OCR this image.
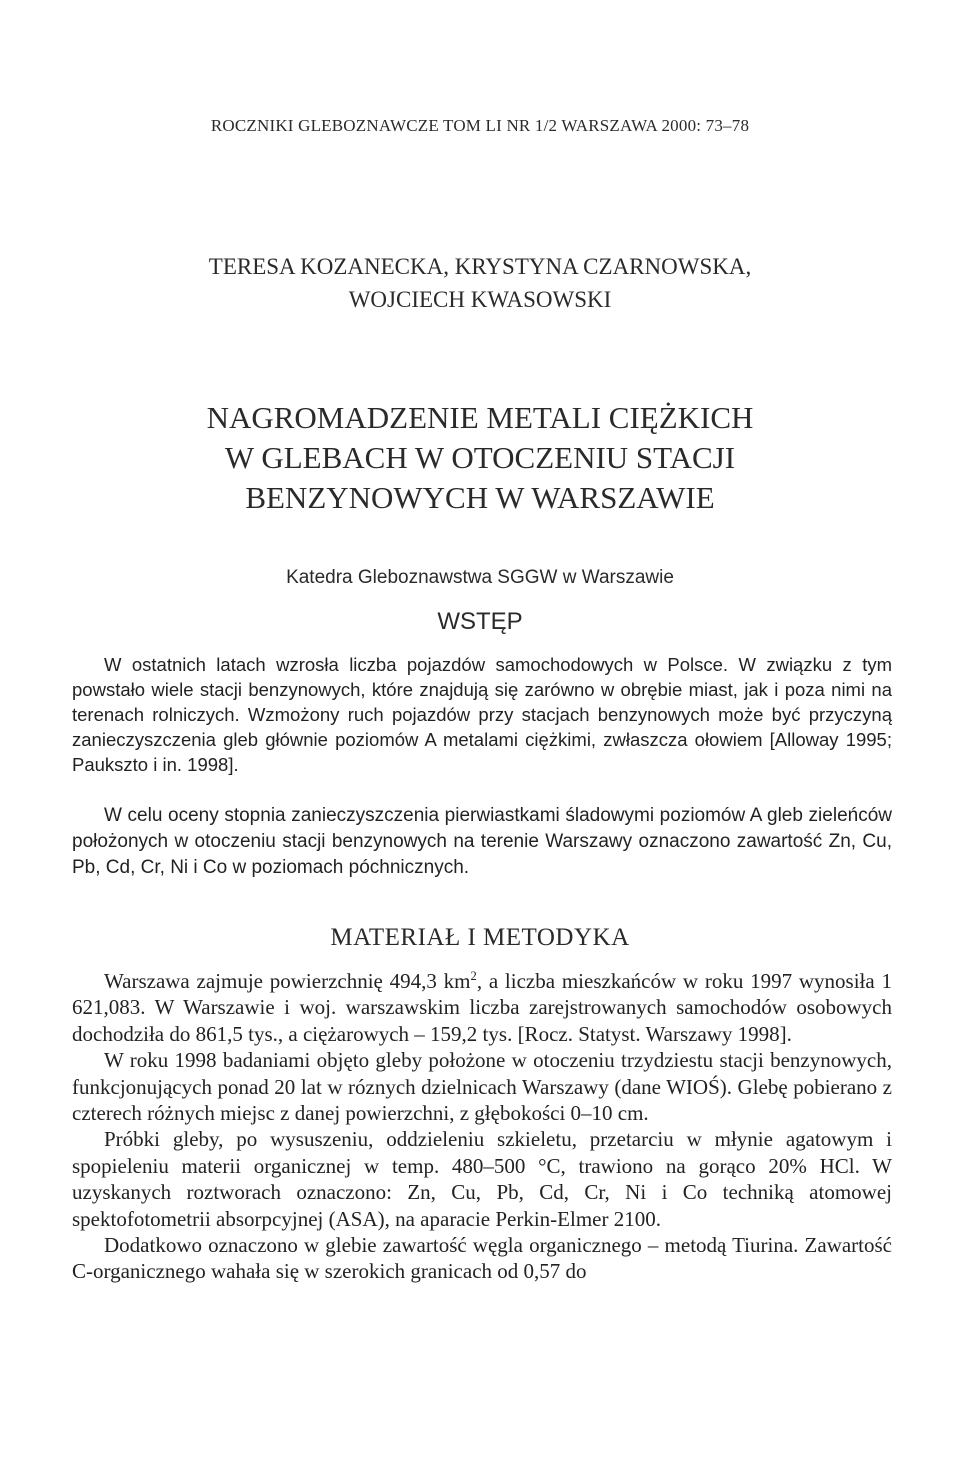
ROCZNIKI GLEBOZNAWCZE TOM LI NR 1/2 WARSZAWA 2000: 73–78
TERESA KOZANECKA, KRYSTYNA CZARNOWSKA,
WOJCIECH KWASOWSKI
NAGROMADZENIE METALI CIĘŻKICH
W GLEBACH W OTOCZENIU STACJI
BENZYNOWYCH W WARSZAWIE
Katedra Gleboznawstwa SGGW w Warszawie
WSTĘP

W ostatnich latach wzrosła liczba pojazdów samochodowych w Polsce. W związku z tym powstało wiele stacji benzynowych, które znajdują się zarówno w obrębie miast, jak i poza nimi na terenach rolniczych. Wzmożony ruch pojazdów przy stacjach benzynowych może być przyczyną zanieczyszczenia gleb głównie poziomów A metalami ciężkimi, zwłaszcza ołowiem [Alloway 1995; Paukszto i in. 1998].

W celu oceny stopnia zanieczyszczenia pierwiastkami śladowymi poziomów A gleb zieleńców położonych w otoczeniu stacji benzynowych na terenie Warszawy oznaczono zawartość Zn, Cu, Pb, Cd, Cr, Ni i Co w poziomach póchnicznych.

MATERIAŁ I METODYKA

Warszawa zajmuje powierzchnię 494,3 $km^2$, a liczba mieszkańców w roku 1997 wynosiła 1 621,083. W Warszawie i woj. warszawskim liczba zarejstrowanych samochodów osobowych dochodziła do 861,5 tys., a ciężarowych – 159,2 tys. [Rocz. Statyst. Warszawy 1998].

W roku 1998 badaniami objęto gleby położone w otoczeniu trzydziestu stacji benzynowych, funkcjonujących ponad 20 lat w róznych dzielnicach Warszawy (dane WIOŚ). Glebę pobierano z czterech różnych miejsc z danej powierzchni, z głębokości 0–10 cm.

Próbki gleby, po wysuszeniu, oddzieleniu szkieletu, przetarciu w młynie agatowym i spopieleniu materii organicznej w temp. 480–500 °C, trawiono na gorąco 20% HCl. W uzyskanych roztworach oznaczono: Zn, Cu, Pb, Cd, Cr, Ni i Co techniką atomowej spektofotometrii absorpcyjnej (ASA), na aparacie Perkin-Elmer 2100.

Dodatkowo oznaczono w glebie zawartość węgla organicznego – metodą Tiurina. Zawartość C-organicznego wahała się w szerokich granicach od 0,57 do
